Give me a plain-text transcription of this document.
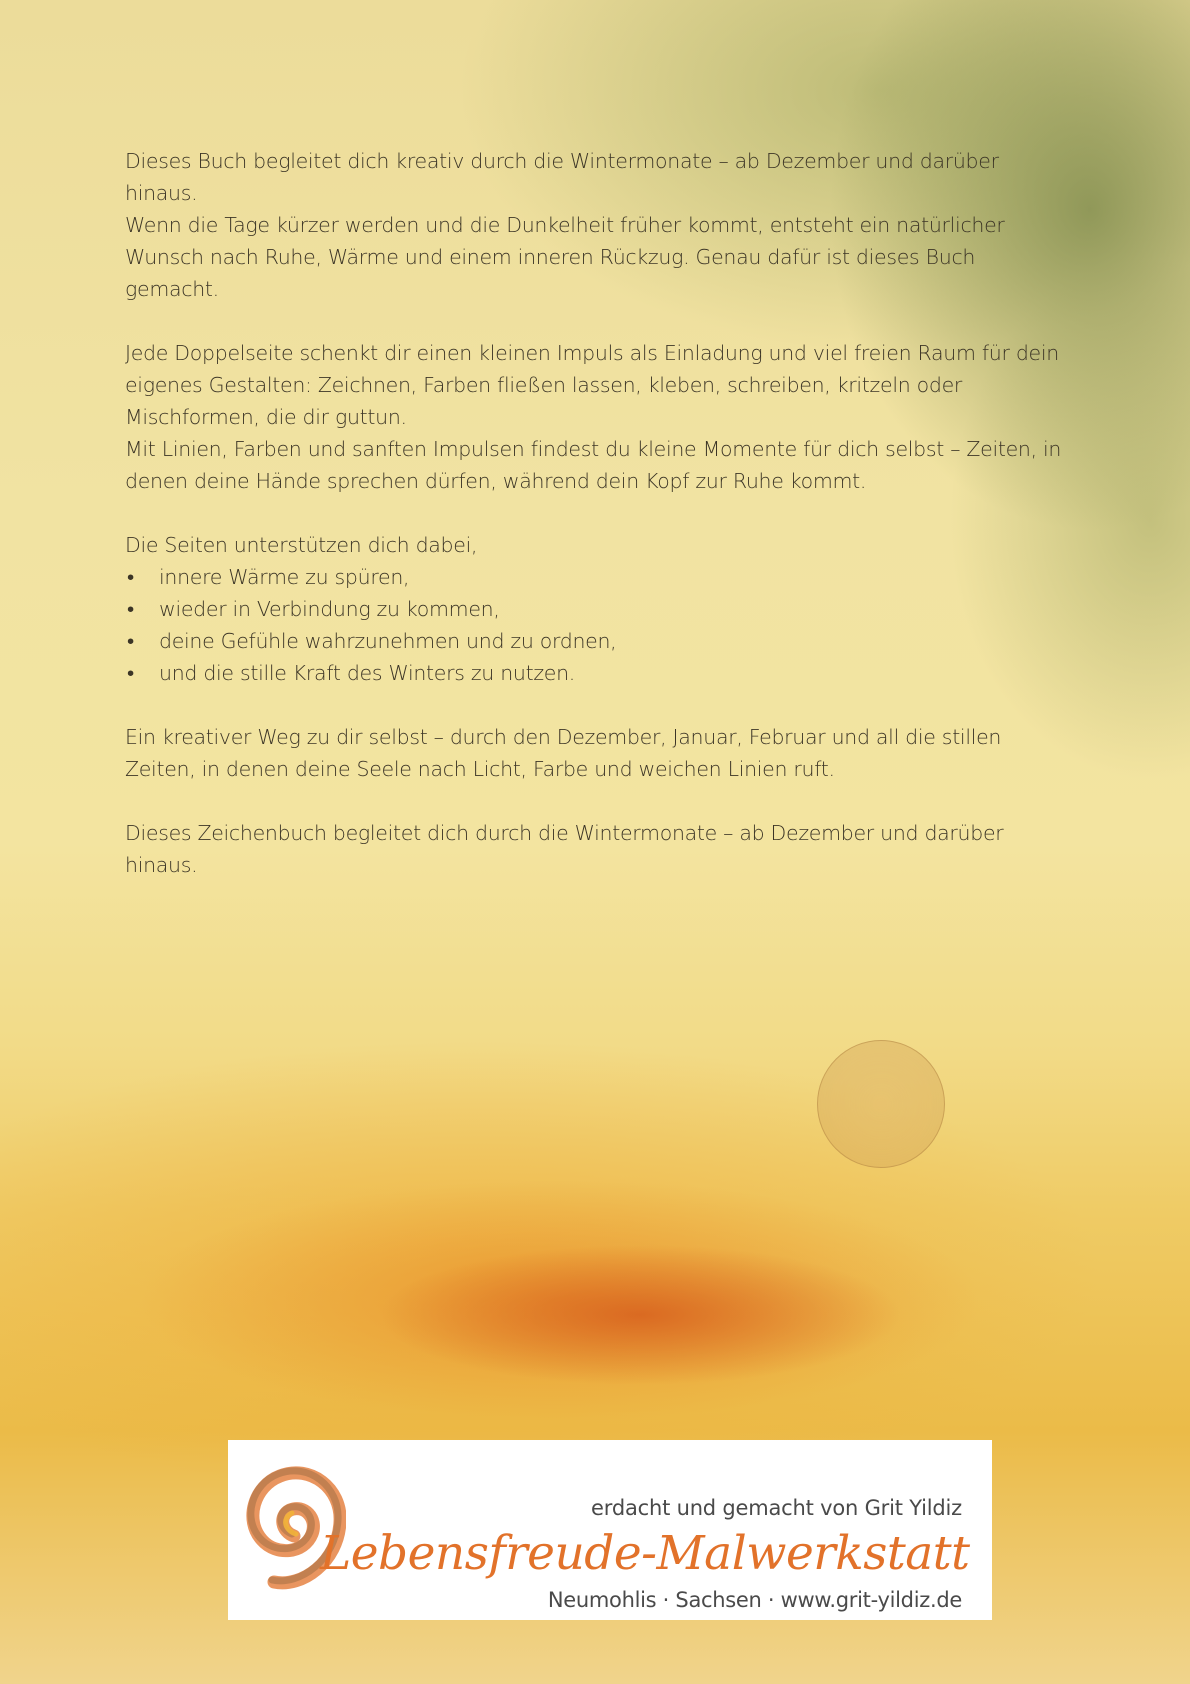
Dieses Buch begleitet dich kreativ durch die Wintermonate – ab Dezember und darüber hinaus.

Wenn die Tage kürzer werden und die Dunkelheit früher kommt, entsteht ein natürlicher Wunsch nach Ruhe, Wärme und einem inneren Rückzug. Genau dafür ist dieses Buch gemacht.

Jede Doppelseite schenkt dir einen kleinen Impuls als Einladung und viel freien Raum für dein eigenes Gestalten: Zeichnen, Farben fließen lassen, kleben, schreiben, kritzeln oder Mischformen, die dir guttun.

Mit Linien, Farben und sanften Impulsen findest du kleine Momente für dich selbst – Zeiten, in denen deine Hände sprechen dürfen, während dein Kopf zur Ruhe kommt.

Die Seiten unterstützen dich dabei,

• innere Wärme zu spüren,
• wieder in Verbindung zu kommen,
• deine Gefühle wahrzunehmen und zu ordnen,
• und die stille Kraft des Winters zu nutzen.

Ein kreativer Weg zu dir selbst – durch den Dezember, Januar, Februar und all die stillen Zeiten, in denen deine Seele nach Licht, Farbe und weichen Linien ruft.

Dieses Zeichenbuch begleitet dich durch die Wintermonate – ab Dezember und darüber hinaus.

erdacht und gemacht von Grit Yildiz
Lebensfreude-Malwerkstatt
Neumohlis · Sachsen · www.grit-yildiz.de
